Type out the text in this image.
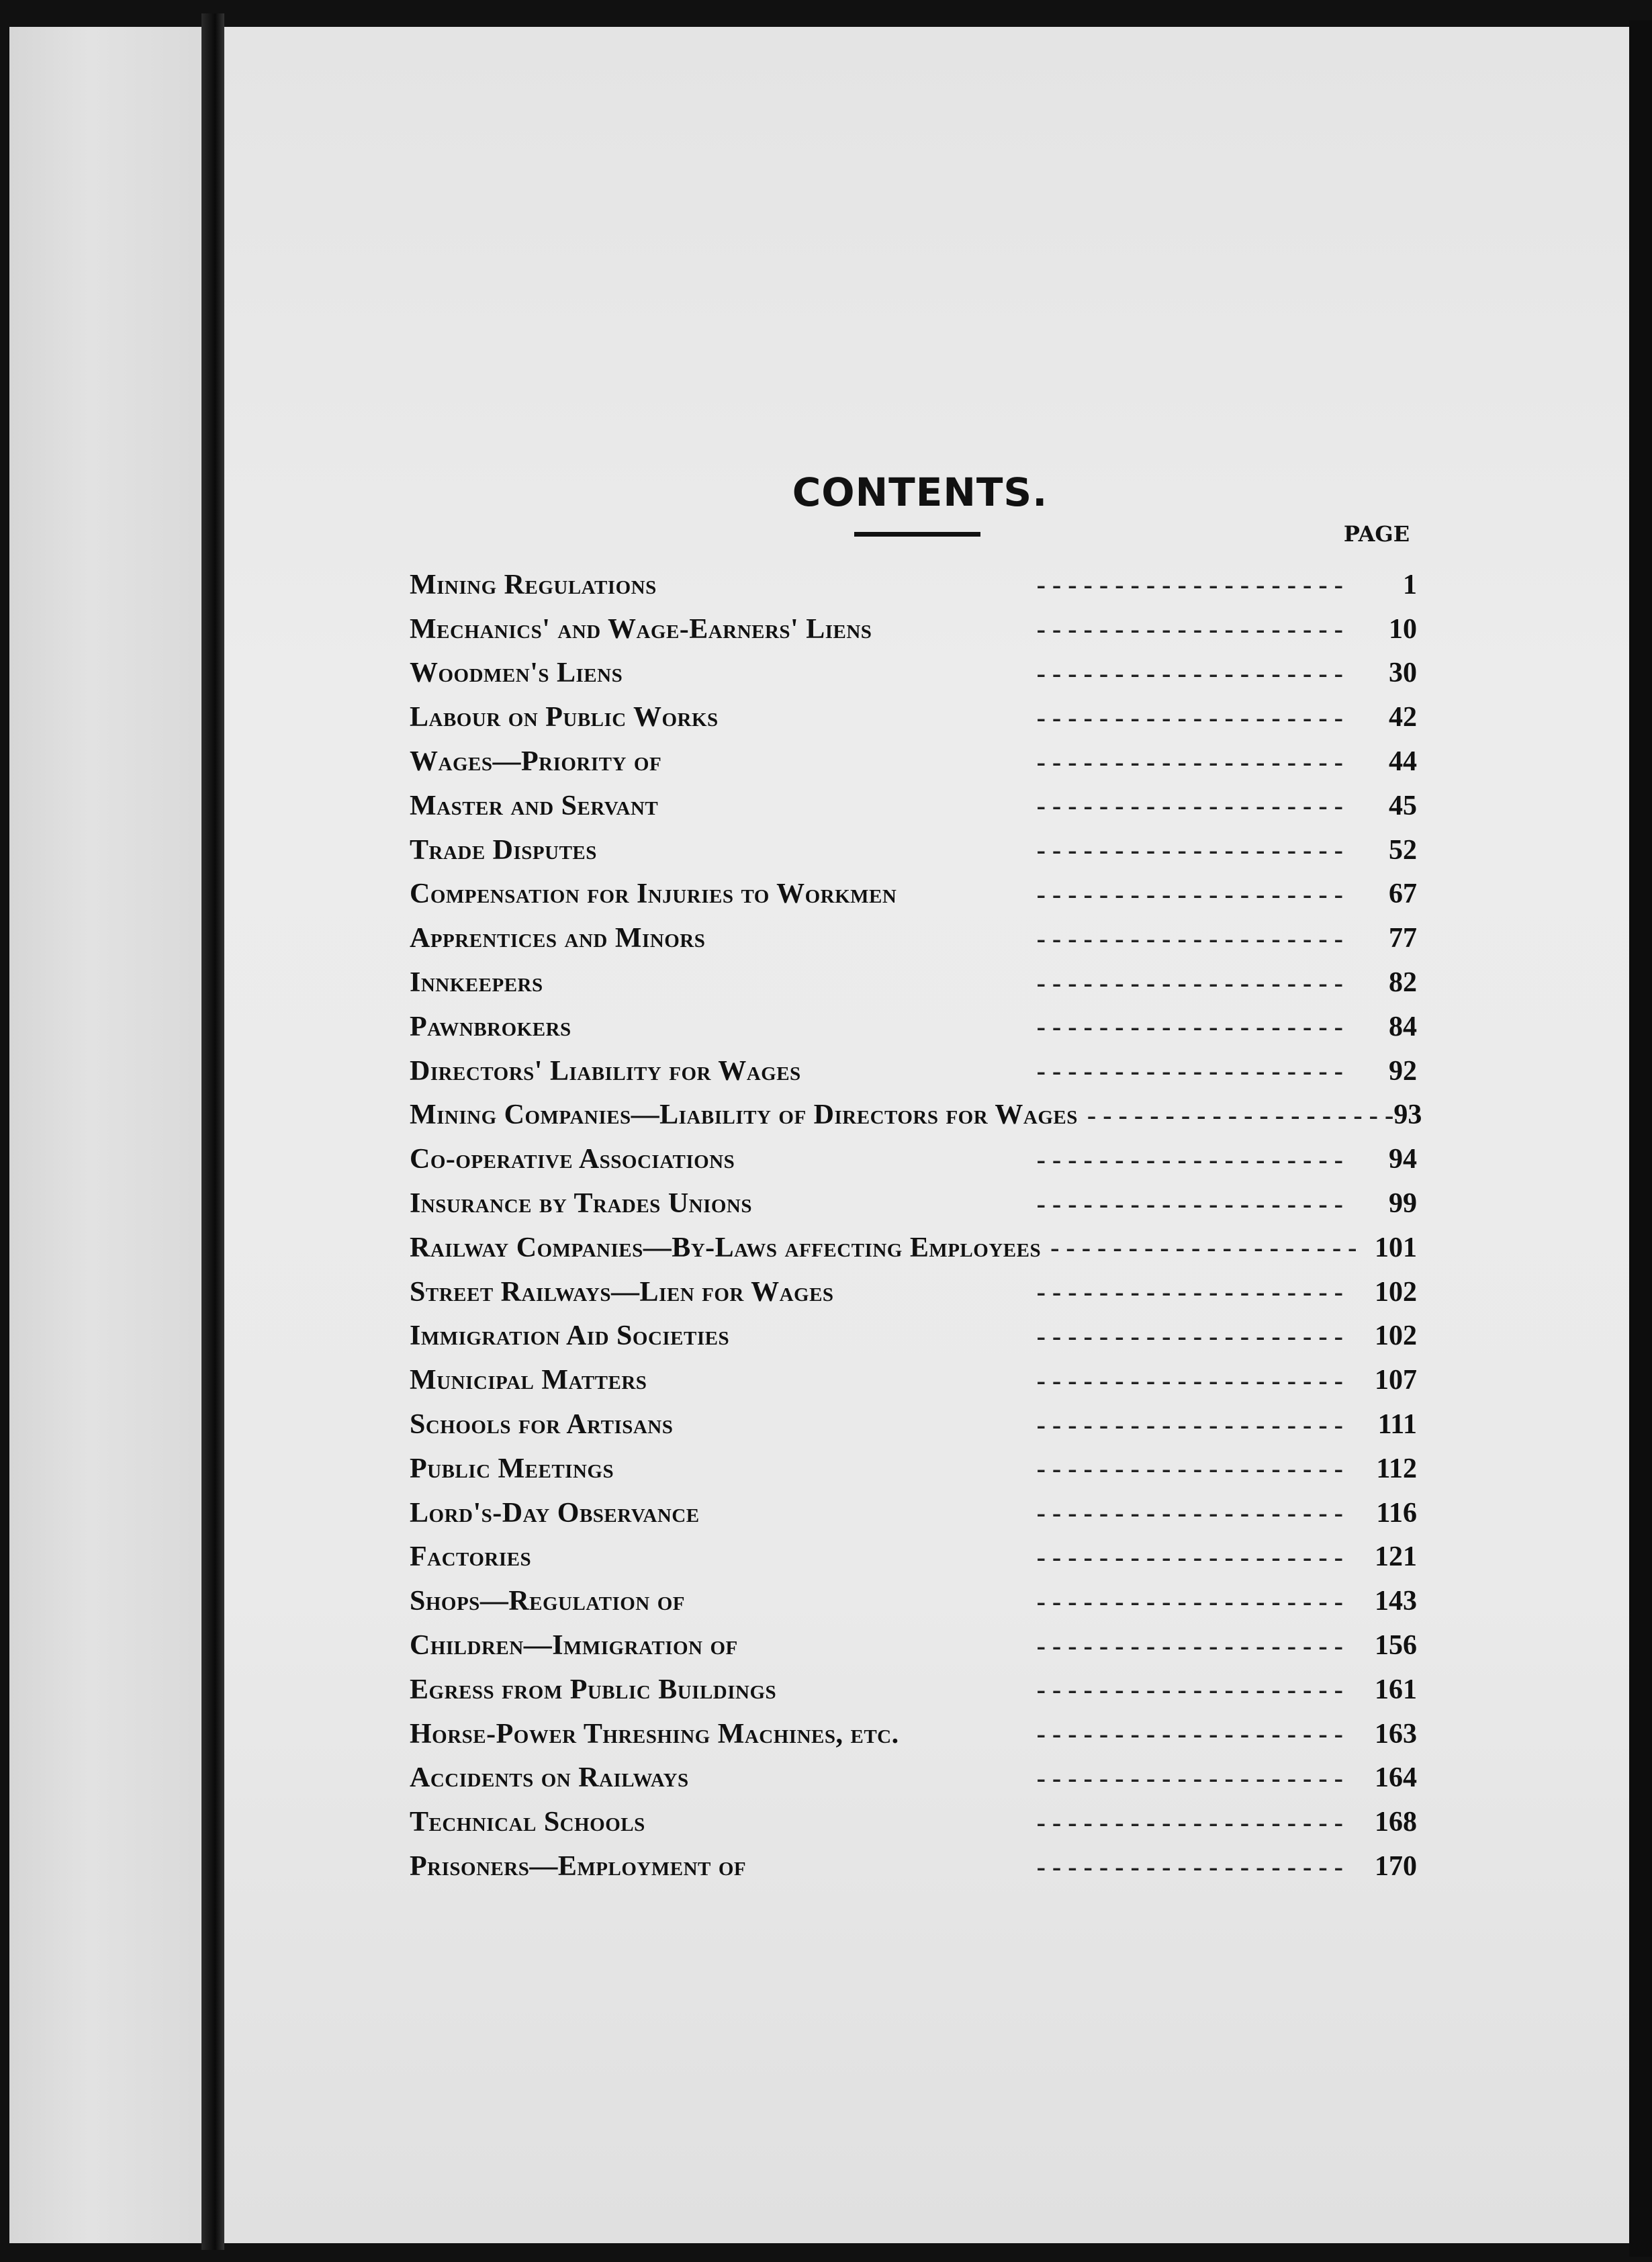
CONTENTS.
PAGE
Mining Regulations	- - - - - - - - - - - - - - - - - - - -	1
Mechanics' and Wage-Earners' Liens	- - - - - - - - - - - - - - - - - - - -	10
Woodmen's Liens	- - - - - - - - - - - - - - - - - - - -	30
Labour on Public Works	- - - - - - - - - - - - - - - - - - - -	42
Wages—Priority of	- - - - - - - - - - - - - - - - - - - -	44
Master and Servant	- - - - - - - - - - - - - - - - - - - -	45
Trade Disputes	- - - - - - - - - - - - - - - - - - - -	52
Compensation for Injuries to Workmen	- - - - - - - - - - - - - - - - - - - -	67
Apprentices and Minors	- - - - - - - - - - - - - - - - - - - -	77
Innkeepers	- - - - - - - - - - - - - - - - - - - -	82
Pawnbrokers	- - - - - - - - - - - - - - - - - - - -	84
Directors' Liability for Wages	- - - - - - - - - - - - - - - - - - - -	92
Mining Companies—Liability of Directors for Wages - - - - - - - - - - - - - - - - - - - - 93
Co-operative Associations	- - - - - - - - - - - - - - - - - - - -	94
Insurance by Trades Unions	- - - - - - - - - - - - - - - - - - - -	99
Railway Companies—By-Laws affecting Employees - - - - - - - - - - - - - - - - - - - - 101
Street Railways—Lien for Wages	- - - - - - - - - - - - - - - - - - - -	102
Immigration Aid Societies	- - - - - - - - - - - - - - - - - - - -	102
Municipal Matters	- - - - - - - - - - - - - - - - - - - -	107
Schools for Artisans	- - - - - - - - - - - - - - - - - - - -	111
Public Meetings	- - - - - - - - - - - - - - - - - - - -	112
Lord's-Day Observance	- - - - - - - - - - - - - - - - - - - -	116
Factories	- - - - - - - - - - - - - - - - - - - -	121
Shops—Regulation of	- - - - - - - - - - - - - - - - - - - -	143
Children—Immigration of	- - - - - - - - - - - - - - - - - - - -	156
Egress from Public Buildings	- - - - - - - - - - - - - - - - - - - -	161
Horse-Power Threshing Machines, etc.	- - - - - - - - - - - - - - - - - - - -	163
Accidents on Railways	- - - - - - - - - - - - - - - - - - - -	164
Technical Schools	- - - - - - - - - - - - - - - - - - - -	168
Prisoners—Employment of	- - - - - - - - - - - - - - - - - - - -	170
